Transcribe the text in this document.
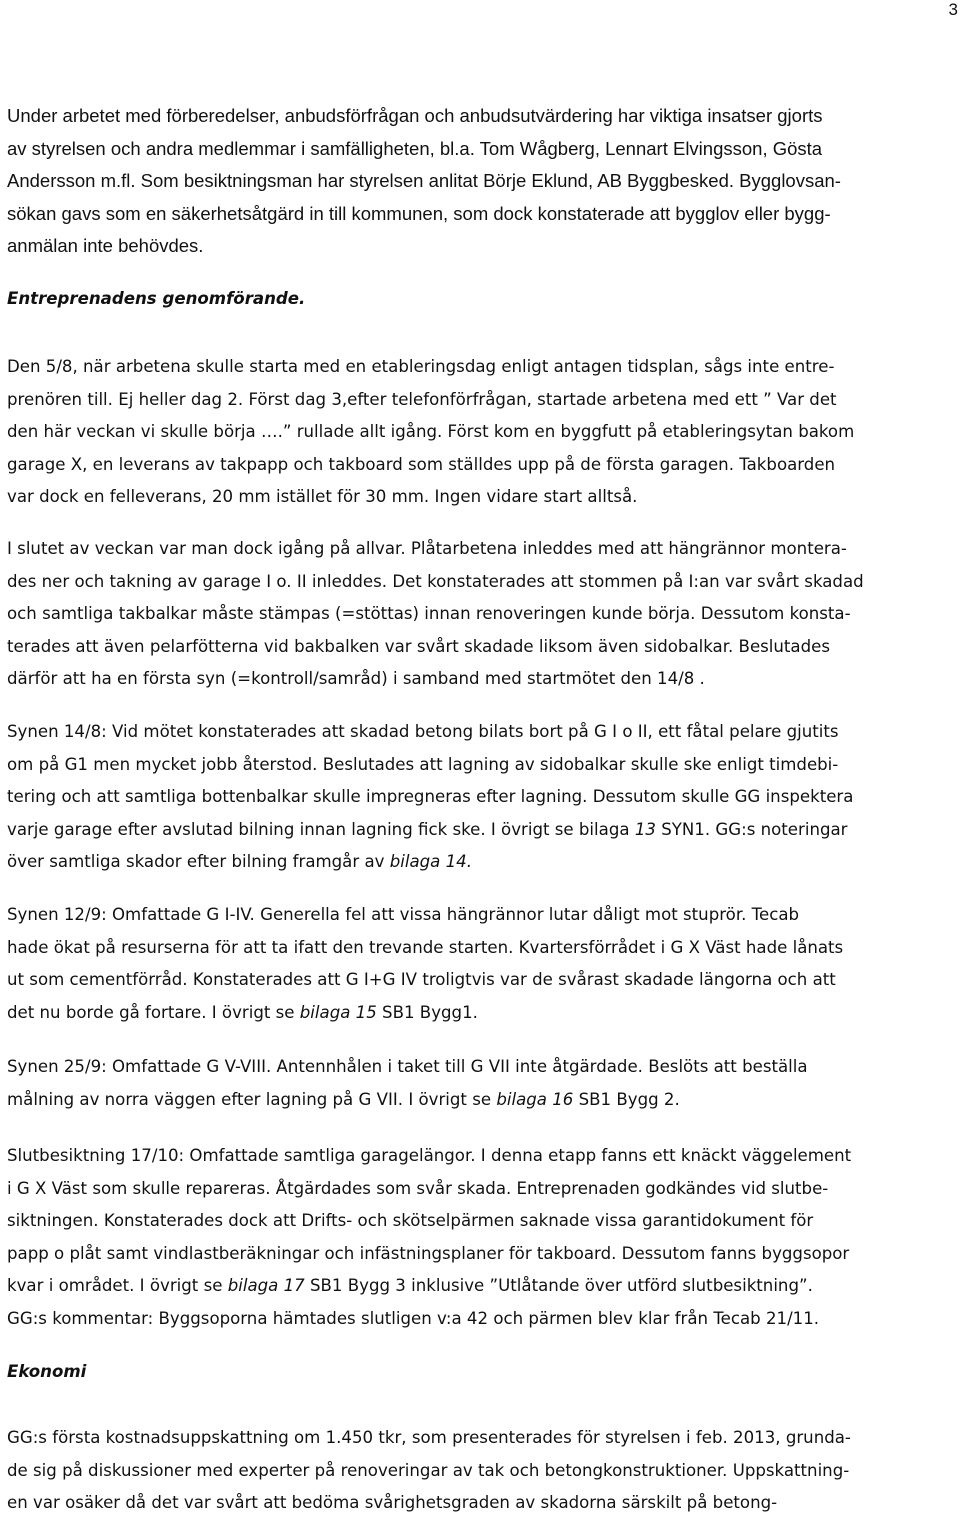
3
Under arbetet med förberedelser, anbudsförfrågan och anbudsutvärdering har viktiga insatser gjorts
av styrelsen och andra medlemmar i samfälligheten, bl.a. Tom Wågberg, Lennart Elvingsson, Gösta
Andersson m.fl. Som besiktningsman har styrelsen anlitat Börje Eklund, AB Byggbesked. Bygglovsan-
sökan gavs som en säkerhetsåtgärd in till kommunen, som dock konstaterade att bygglov eller bygg-
anmälan inte behövdes.
Entreprenadens genomförande.
Den 5/8, när arbetena skulle starta med en etableringsdag enligt antagen tidsplan, sågs inte entre-
prenören till. Ej heller dag 2. Först dag 3,efter telefonförfrågan, startade arbetena med ett ” Var det
den här veckan vi skulle börja ….” rullade allt igång. Först kom en byggfutt på etableringsytan bakom
garage X, en leverans av takpapp och takboard som ställdes upp på de första garagen. Takboarden
var dock en felleverans, 20 mm istället för 30 mm. Ingen vidare start alltså.
I slutet av veckan var man dock igång på allvar. Plåtarbetena inleddes med att hängrännor montera-
des ner och takning av garage I o. II inleddes. Det konstaterades att stommen på I:an var svårt skadad
och samtliga takbalkar måste stämpas (=stöttas) innan renoveringen kunde börja. Dessutom konsta-
terades att även pelarfötterna vid bakbalken var svårt skadade liksom även sidobalkar. Beslutades
därför att ha en första syn (=kontroll/samråd) i samband med startmötet den 14/8 .
Synen 14/8: Vid mötet konstaterades att skadad betong bilats bort på G I o II, ett fåtal pelare gjutits
om på G1 men mycket jobb återstod. Beslutades att lagning av sidobalkar skulle ske enligt timdebi-
tering och att samtliga bottenbalkar skulle impregneras efter lagning. Dessutom skulle GG inspektera
varje garage efter avslutad bilning innan lagning fick ske. I övrigt se bilaga 13 SYN1. GG:s noteringar
över samtliga skador efter bilning framgår av bilaga 14.
Synen 12/9: Omfattade G I-IV. Generella fel att vissa hängrännor lutar dåligt mot stuprör. Tecab
hade ökat på resurserna för att ta ifatt den trevande starten. Kvartersförrådet i G X Väst hade lånats
ut som cementförråd. Konstaterades att G I+G IV troligtvis var de svårast skadade längorna och att
det nu borde gå fortare. I övrigt se bilaga 15 SB1 Bygg1.
Synen 25/9: Omfattade G V-VIII. Antennhålen i taket till G VII inte åtgärdade. Beslöts att beställa
målning av norra väggen efter lagning på G VII. I övrigt se bilaga 16 SB1 Bygg 2.
Slutbesiktning 17/10: Omfattade samtliga garagelängor. I denna etapp fanns ett knäckt väggelement
i G X Väst som skulle repareras. Åtgärdades som svår skada. Entreprenaden godkändes vid slutbe-
siktningen. Konstaterades dock att Drifts- och skötselpärmen saknade vissa garantidokument för
papp o plåt samt vindlastberäkningar och infästningsplaner för takboard. Dessutom fanns byggsopor
kvar i området. I övrigt se bilaga 17 SB1 Bygg 3 inklusive ”Utlåtande över utförd slutbesiktning”.
GG:s kommentar: Byggsoporna hämtades slutligen v:a 42 och pärmen blev klar från Tecab 21/11.
Ekonomi
GG:s första kostnadsuppskattning om 1.450 tkr, som presenterades för styrelsen i feb. 2013, grunda-
de sig på diskussioner med experter på renoveringar av tak och betongkonstruktioner. Uppskattning-
en var osäker då det var svårt att bedöma svårighetsgraden av skadorna särskilt på betong-
